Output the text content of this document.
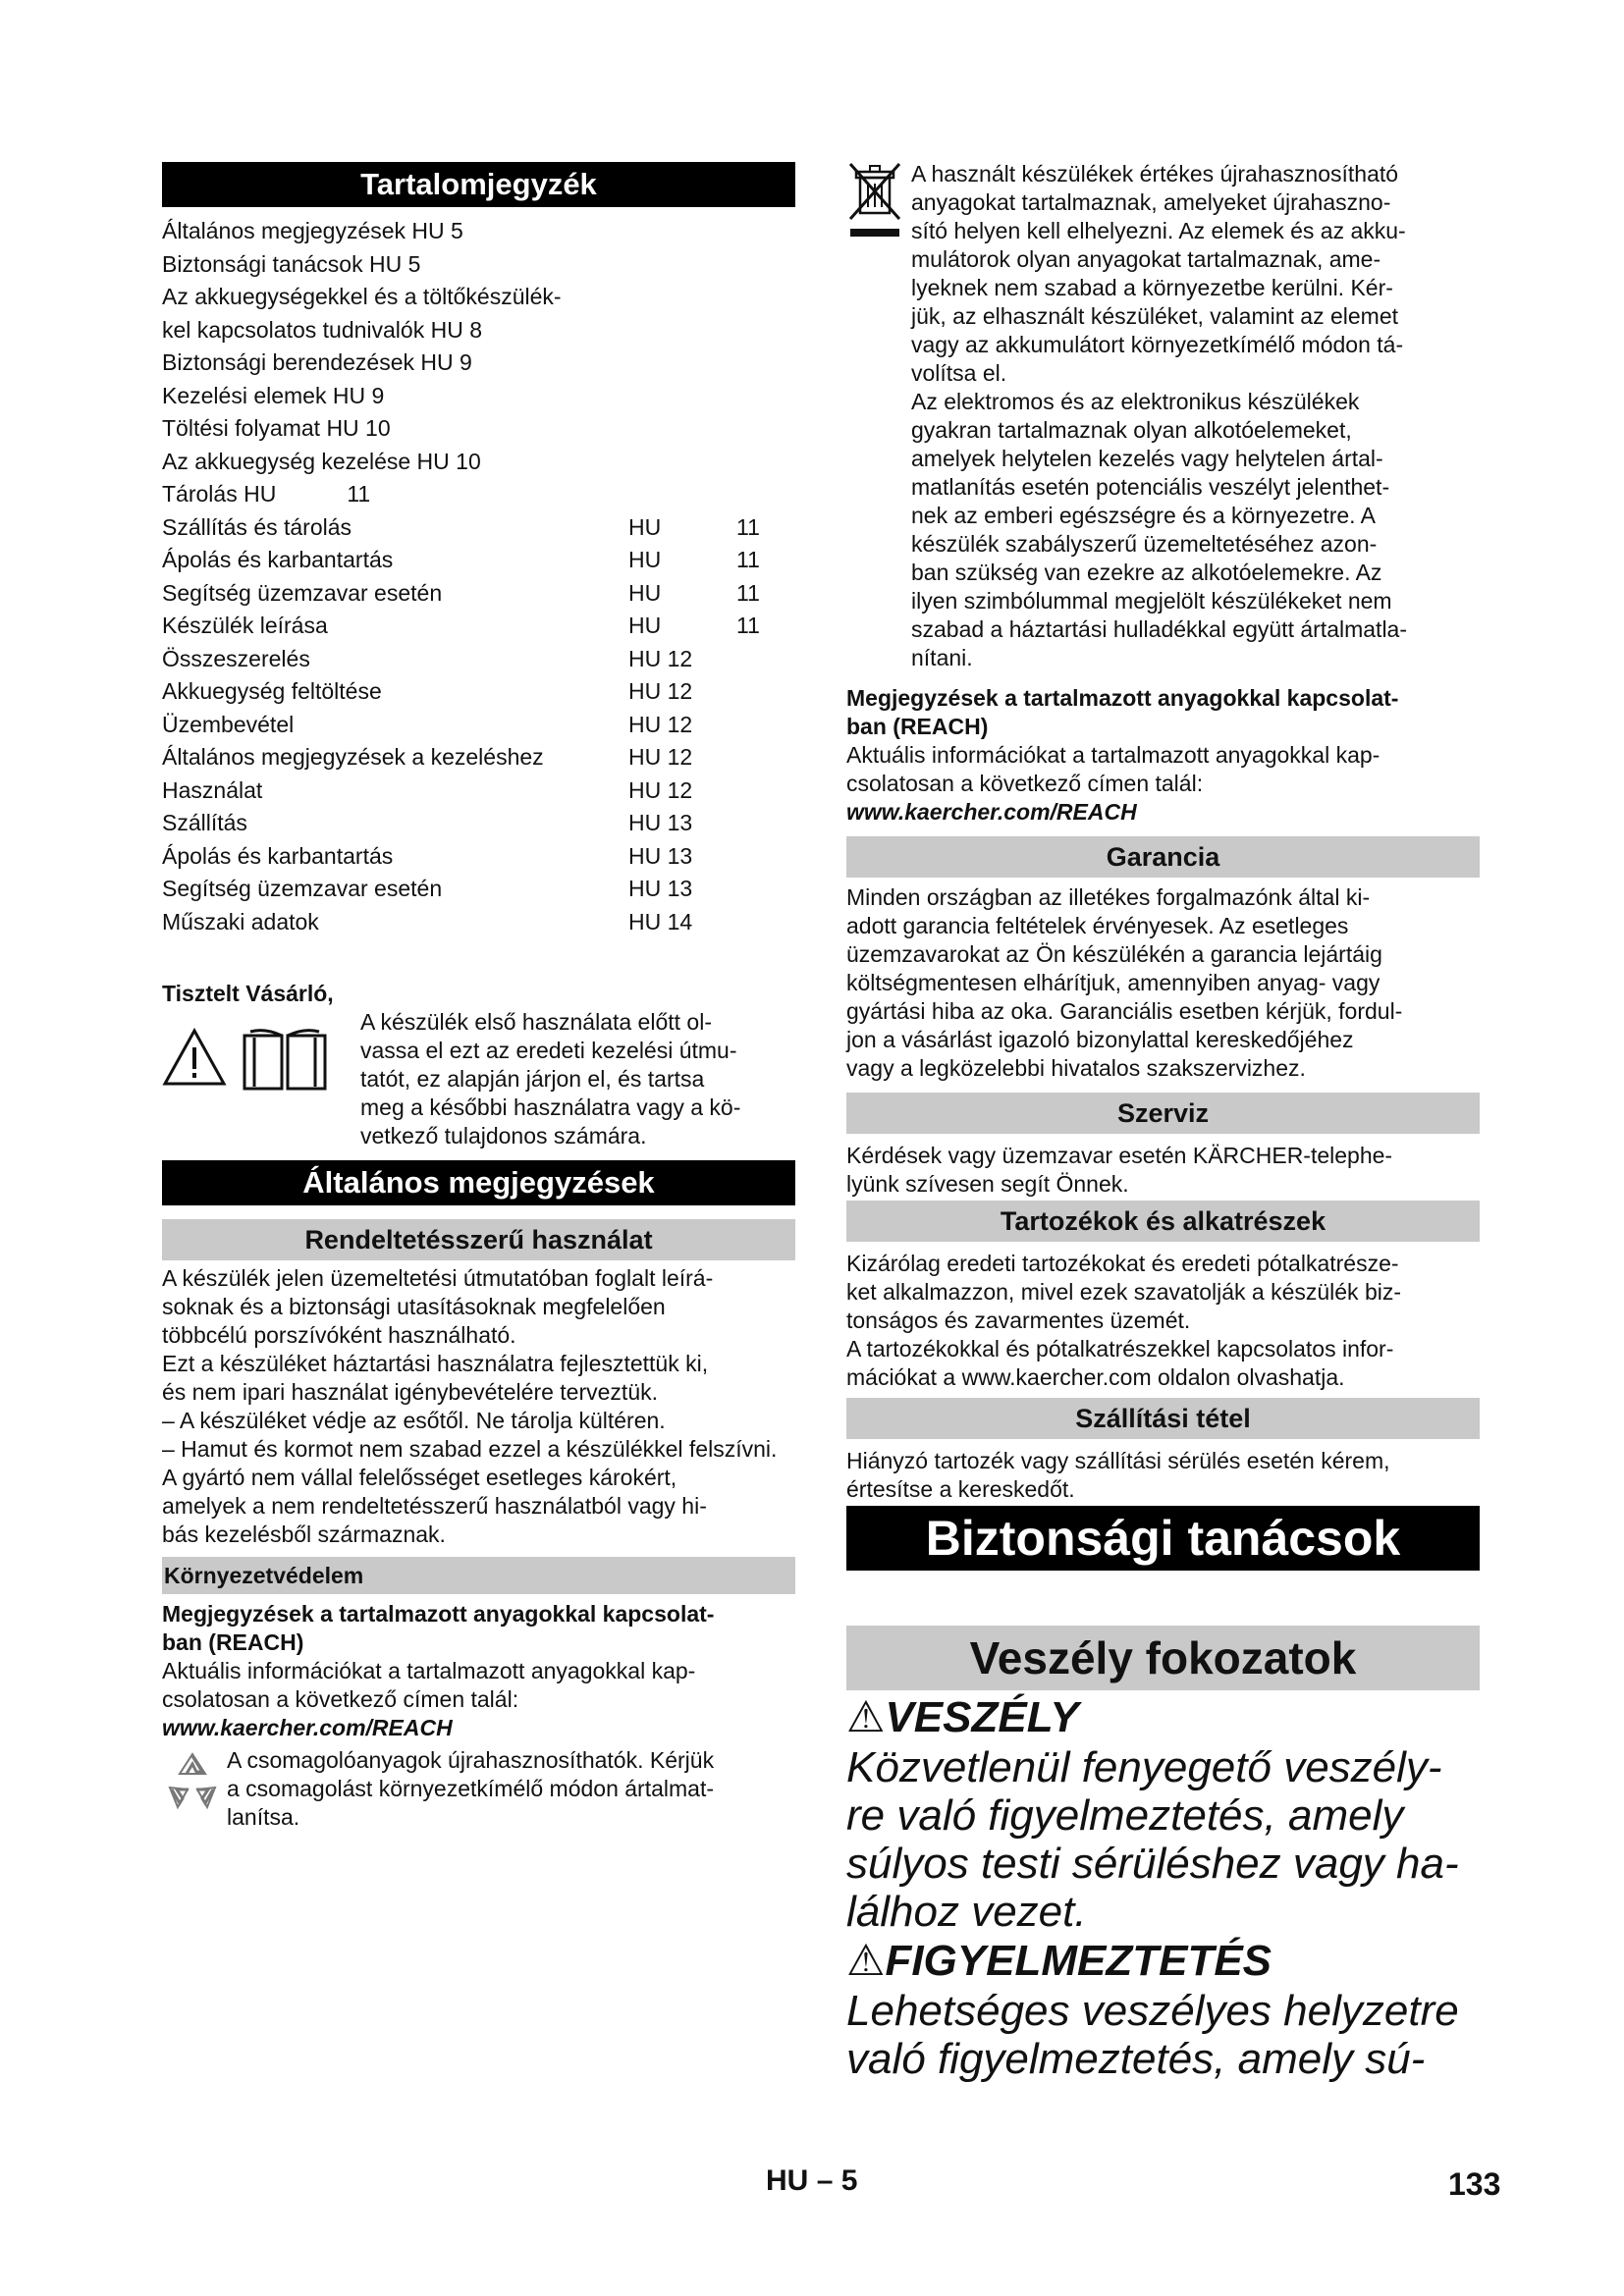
Tartalomjegyzék

Általános megjegyzések HU 5

Biztonsági tanácsok HU 5

Az akkuegységekkel és a töltőkészülék-

kel kapcsolatos tudnivalók HU 8

Biztonsági berendezések HU 9

Kezelési elemek HU 9

Töltési folyamat HU 10

Az akkuegység kezelése HU 10

Tárolás HU	11

Szállítás és tárolás	HU	11
Ápolás és karbantartás	HU	11
Segítség üzemzavar esetén	HU	11
Készülék leírása	HU	11
Összeszerelés	HU 12
Akkuegység feltöltése	HU 12
Üzembevétel	HU 12
Általános megjegyzések a kezeléshez	HU 12
Használat	HU 12
Szállítás	HU 13
Ápolás és karbantartás	HU 13
Segítség üzemzavar esetén	HU 13
Műszaki adatok	HU 14

Tisztelt Vásárló,

A készülék első használata előtt ol-

vassa el ezt az eredeti kezelési útmu-

tatót, ez alapján járjon el, és tartsa

meg a későbbi használatra vagy a kö-

vetkező tulajdonos számára.

Általános megjegyzések
Rendeltetésszerű használat

A készülék jelen üzemeltetési útmutatóban foglalt leírá-

soknak és a biztonsági utasításoknak megfelelően

többcélú porszívóként használható.

Ezt a készüléket háztartási használatra fejlesztettük ki,

és nem ipari használat igénybevételére terveztük.

– A készüléket védje az esőtől. Ne tárolja kültéren.

– Hamut és kormot nem szabad ezzel a készülékkel felszívni.

A gyártó nem vállal felelősséget esetleges károkért,

amelyek a nem rendeltetésszerű használatból vagy hi-

bás kezelésből származnak.

Környezetvédelem

Megjegyzések a tartalmazott anyagokkal kapcsolat-

ban (REACH)

Aktuális információkat a tartalmazott anyagokkal kap-

csolatosan a következő címen talál:

www.kaercher.com/REACH

A csomagolóanyagok újrahasznosíthatók. Kérjük

a csomagolást környezetkímélő módon ártalmat-

lanítsa.

A használt készülékek értékes újrahasznosítható

anyagokat tartalmaznak, amelyeket újrahaszno-

sító helyen kell elhelyezni. Az elemek és az akku-

mulátorok olyan anyagokat tartalmaznak, ame-

lyeknek nem szabad a környezetbe kerülni. Kér-

jük, az elhasznált készüléket, valamint az elemet

vagy az akkumulátort környezetkímélő módon tá-

volítsa el.

Az elektromos és az elektronikus készülékek

gyakran tartalmaznak olyan alkotóelemeket,

amelyek helytelen kezelés vagy helytelen ártal-

matlanítás esetén potenciális veszélyt jelenthet-

nek az emberi egészségre és a környezetre. A

készülék szabályszerű üzemeltetéséhez azon-

ban szükség van ezekre az alkotóelemekre. Az

ilyen szimbólummal megjelölt készülékeket nem

szabad a háztartási hulladékkal együtt ártalmatla-

nítani.

Megjegyzések a tartalmazott anyagokkal kapcsolat-

ban (REACH)

Aktuális információkat a tartalmazott anyagokkal kap-

csolatosan a következő címen talál:

www.kaercher.com/REACH

Garancia

Minden országban az illetékes forgalmazónk által ki-

adott garancia feltételek érvényesek. Az esetleges

üzemzavarokat az Ön készülékén a garancia lejártáig

költségmentesen elhárítjuk, amennyiben anyag- vagy

gyártási hiba az oka. Garanciális esetben kérjük, fordul-

jon a vásárlást igazoló bizonylattal kereskedőjéhez

vagy a legközelebbi hivatalos szakszervizhez.

Szerviz

Kérdések vagy üzemzavar esetén KÄRCHER-telephe-

lyünk szívesen segít Önnek.

Tartozékok és alkatrészek

Kizárólag eredeti tartozékokat és eredeti pótalkatrésze-

ket alkalmazzon, mivel ezek szavatolják a készülék biz-

tonságos és zavarmentes üzemét.

A tartozékokkal és pótalkatrészekkel kapcsolatos infor-

mációkat a www.kaercher.com oldalon olvashatja.

Szállítási tétel

Hiányzó tartozék vagy szállítási sérülés esetén kérem,

értesítse a kereskedőt.

Biztonsági tanácsok
Veszély fokozatok

⚠VESZÉLY

Közvetlenül fenyegető veszély-

re való figyelmeztetés, amely

súlyos testi sérüléshez vagy ha-

lálhoz vezet.

⚠FIGYELMEZTETÉS

Lehetséges veszélyes helyzetre

való figyelmeztetés, amely sú-

HU – 5	133
